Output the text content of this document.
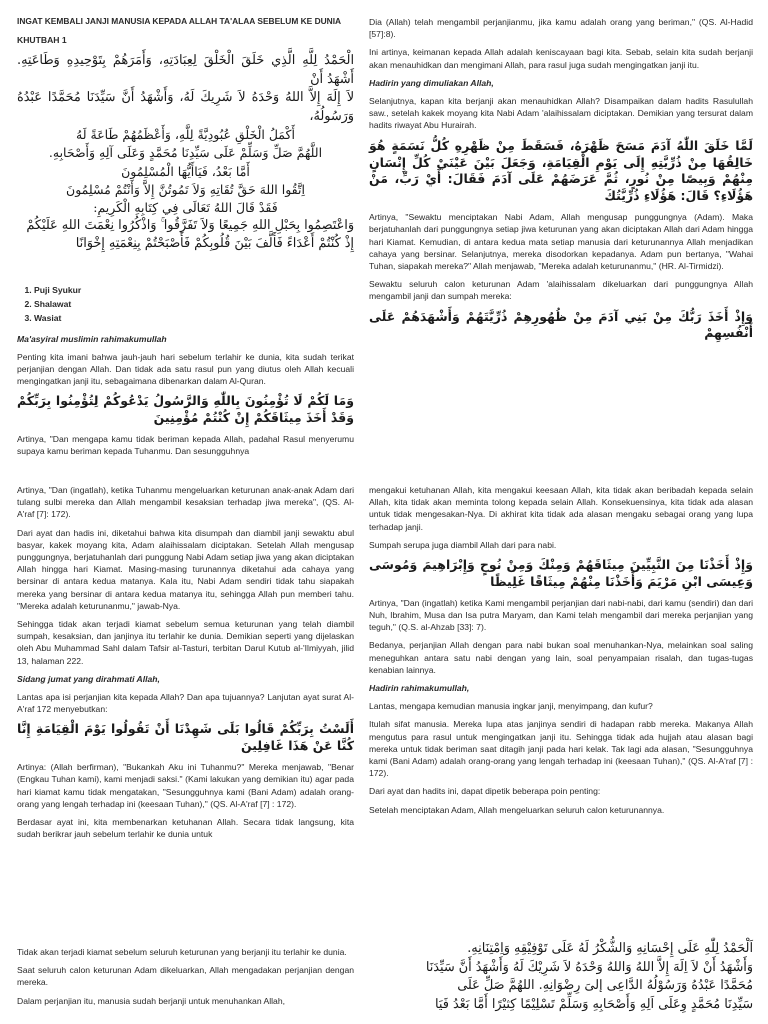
INGAT KEMBALI JANJI MANUSIA KEPADA ALLAH TA'ALAA SEBELUM KE DUNIA

KHUTBAH 1

الْحَمْدُ لِلَّهِ الَّذِي خَلَقَ الْخَلْقَ لِعِبَادَتِهِ، وَأَمَرَهُمْ بِتَوْحِيدِهِ وَطَاعَتِهِ. أَشْهَدُ أَنْ

لاَ إِلَهَ إِلاَّ اللهُ وَحْدَهُ لاَ شَرِيكَ لَهُ، وَأَشْهَدُ أَنَّ سَيِّدَنَا مُحَمَّدًا عَبْدُهُ وَرَسُولُهُ،

أَكْمَلُ الْخَلْقِ عُبُودِيَّةً لِلَّهِ، وَأَعْظَمُهُمْ طَاعَةً لَهُ

اللَّهُمَّ صَلِّ وَسَلِّمْ عَلَى سَيِّدِنَا مُحَمَّدٍ وَعَلَى آلِهِ وَأَصْحَابِهِ.

أَمَّا بَعْدُ، فَيَاأَيُّهَا الْمُسْلِمُونَ

اِتَّقُوا اللهَ حَقَّ تُقَاتِهِ وَلاَ تَمُوتُنَّ إِلاَّ وَأَنْتُمْ مُسْلِمُونَ

فَقَدْ قَالَ اللهُ تَعَالَى فِي كِتَابِهِ الْكَرِيمِ:

وَاعْتَصِمُوا بِحَبْلِ اللهِ جَمِيعًا وَلاَ تَفَرَّقُوا ۚ وَاذْكُرُوا نِعْمَتَ اللهِ عَلَيْكُمْ

إِذْ كُنْتُمْ أَعْدَاءً فَأَلَّفَ بَيْنَ قُلُوبِكُمْ فَأَصْبَحْتُمْ بِنِعْمَتِهِ إِخْوَانًا

1. Puji Syukur
2. Shalawat
3. Wasiat

Ma'asyiral muslimin rahimakumullah

Penting kita imani bahwa jauh-jauh hari sebelum terlahir ke dunia, kita sudah terikat perjanjian dengan Allah. Dan tidak ada satu rasul pun yang diutus oleh Allah kecuali mengingatkan janji itu, sebagaimana dibenarkan dalam Al-Quran.

وَمَا لَكُمْ لَا تُؤْمِنُونَ بِاللّٰهِ وَالرَّسُولُ يَدْعُوكُمْ لِتُؤْمِنُوا بِرَبِّكُمْ وَقَدْ أَخَذَ مِيثَاقَكُمْ إِنْ كُنْتُمْ مُؤْمِنِينَ

Artinya, "Dan mengapa kamu tidak beriman kepada Allah, padahal Rasul menyerumu supaya kamu beriman kepada Tuhanmu. Dan sesungguhnya

Dia (Allah) telah mengambil perjanjianmu, jika kamu adalah orang yang beriman," (QS. Al-Hadid [57]:8).

Ini artinya, keimanan kepada Allah adalah keniscayaan bagi kita. Sebab, selain kita sudah berjanji akan menauhidkan dan mengimani Allah, para rasul juga sudah mengingatkan janji itu.

Hadirin yang dimuliakan Allah,

Selanjutnya, kapan kita berjanji akan menauhidkan Allah? Disampaikan dalam hadits Rasulullah saw., setelah kakek moyang kita Nabi Adam 'alaihissalam diciptakan. Demikian yang tersurat dalam hadits riwayat Abu Hurairah.

لَمَّا خَلَقَ اللّٰهُ آدَمَ مَسَحَ ظَهْرَهُ، فَسَقَطَ مِنْ ظَهْرِهِ كُلُّ نَسَمَةٍ هُوَ خَالِقُهَا مِنْ ذُرِّيَّتِهِ إِلَى يَوْمِ الْقِيَامَةِ، وَجَعَلَ بَيْنَ عَيْنَيْ كُلِّ إِنْسَانٍ مِنْهُمْ وَبِيصًا مِنْ نُورٍ، ثُمَّ عَرَضَهُمْ عَلَى آدَمَ فَقَالَ: أَيْ رَبِّ، مَنْ هَؤُلَاءِ؟ قَالَ: هَؤُلَاءِ ذُرِّيَّتُكَ

Artinya, "Sewaktu menciptakan Nabi Adam, Allah mengusap punggungnya (Adam). Maka berjatuhanlah dari punggungnya setiap jiwa keturunan yang akan diciptakan Allah dari Adam hingga hari Kiamat. Kemudian, di antara kedua mata setiap manusia dari keturunannya Allah menjadikan cahaya yang bersinar. Selanjutnya, mereka disodorkan kepadanya. Adam pun bertanya, "Wahai Tuhan, siapakah mereka?" Allah menjawab, "Mereka adalah keturunanmu," (HR. Al-Tirmidzi).

Sewaktu seluruh calon keturunan Adam 'alaihissalam dikeluarkan dari punggungnya Allah mengambil janji dan sumpah mereka:

وَإِذْ أَخَذَ رَبُّكَ مِنْ بَنِي آدَمَ مِنْ ظُهُورِهِمْ ذُرِّيَّتَهُمْ وَأَشْهَدَهُمْ عَلَى أَنْفُسِهِمْ

Artinya, "Dan (ingatlah), ketika Tuhanmu mengeluarkan keturunan anak-anak Adam dari tulang sulbi mereka dan Allah mengambil kesaksian terhadap jiwa mereka", (QS. Al-A'raf [7]: 172).

Dari ayat dan hadis ini, diketahui bahwa kita disumpah dan diambil janji sewaktu abul basyar, kakek moyang kita, Adam alaihissalam diciptakan. Setelah Allah mengusap punggungnya, berjatuhanlah dari punggung Nabi Adam setiap jiwa yang akan diciptakan Allah hingga hari Kiamat. Masing-masing turunannya diketahui ada cahaya yang bersinar di antara kedua matanya. Kala itu, Nabi Adam sendiri tidak tahu siapakah mereka yang bersinar di antara kedua matanya itu, sehingga Allah pun memberi tahu. "Mereka adalah keturunanmu," jawab-Nya.

Sehingga tidak akan terjadi kiamat sebelum semua keturunan yang telah diambil sumpah, kesaksian, dan janjinya itu terlahir ke dunia. Demikian seperti yang dijelaskan oleh Abu Muhammad Sahl dalam Tafsir al-Tasturi, terbitan Darul Kutub al-'Ilmiyyah, jilid 13, halaman 222.

Sidang jumat yang dirahmati Allah,

Lantas apa isi perjanjian kita kepada Allah? Dan apa tujuannya? Lanjutan ayat surat Al-A'raf 172 menyebutkan:

أَلَسْتُ بِرَبِّكُمْ قَالُوا بَلَى شَهِدْنَا أَنْ تَقُولُوا يَوْمَ الْقِيَامَةِ إِنَّا كُنَّا عَنْ هَذَا غَافِلِينَ

Artinya: (Allah berfirman), "Bukankah Aku ini Tuhanmu?" Mereka menjawab, "Benar (Engkau Tuhan kami), kami menjadi saksi." (Kami lakukan yang demikian itu) agar pada hari kiamat kamu tidak mengatakan, "Sesungguhnya kami (Bani Adam) adalah orang-orang yang lengah terhadap ini (keesaan Tuhan)," (QS. Al-A'raf [7] : 172).

Berdasar ayat ini, kita membenarkan ketuhanan Allah. Secara tidak langsung, kita sudah berikrar jauh sebelum terlahir ke dunia untuk

mengakui ketuhanan Allah, kita mengakui keesaan Allah, kita tidak akan beribadah kepada selain Allah, kita tidak akan meminta tolong kepada selain Allah. Konsekuensinya, kita tidak ada alasan untuk tidak mengesakan-Nya. Di akhirat kita tidak ada alasan mengaku sebagai orang yang lupa terhadap janji.

Sumpah serupa juga diambil Allah dari para nabi.

وَإِذْ أَخَذْنَا مِنَ النَّبِيِّينَ مِيثَاقَهُمْ وَمِنْكَ وَمِنْ نُوحٍ وَإِبْرَاهِيمَ وَمُوسَى وَعِيسَى ابْنِ مَرْيَمَ وَأَخَذْنَا مِنْهُمْ مِيثَاقًا غَلِيظًا

Artinya, "Dan (ingatlah) ketika Kami mengambil perjanjian dari nabi-nabi, dari kamu (sendiri) dan dari Nuh, Ibrahim, Musa dan Isa putra Maryam, dan Kami telah mengambil dari mereka perjanjian yang teguh," (Q.S. al-Ahzab [33]: 7).

Bedanya, perjanjian Allah dengan para nabi bukan soal menuhankan-Nya, melainkan soal saling meneguhkan antara satu nabi dengan yang lain, soal penyampaian risalah, dan tugas-tugas kenabian lainnya.

Hadirin rahimakumullah,

Lantas, mengapa kemudian manusia ingkar janji, menyimpang, dan kufur?

Itulah sifat manusia. Mereka lupa atas janjinya sendiri di hadapan rabb mereka. Makanya Allah mengutus para rasul untuk mengingatkan janji itu. Sehingga tidak ada hujjah atau alasan bagi mereka untuk tidak beriman saat ditagih janji pada hari kelak. Tak lagi ada alasan, "Sesungguhnya kami (Bani Adam) adalah orang-orang yang lengah terhadap ini (keesaan Tuhan)," (QS. Al-A'raf [7] : 172).

Dari ayat dan hadits ini, dapat dipetik beberapa poin penting:

Setelah menciptakan Adam, Allah mengeluarkan seluruh calon keturunannya.

Tidak akan terjadi kiamat sebelum seluruh keturunan yang berjanji itu terlahir ke dunia.

Saat seluruh calon keturunan Adam dikeluarkan, Allah mengadakan perjanjian dengan mereka.

Dalam perjanjian itu, manusia sudah berjanji untuk menuhankan Allah,

اَلْحَمْدُ لِلّٰهِ عَلَى إِحْسَانِهِ وَالشُّكْرُ لَهُ عَلَى تَوْفِيْقِهِ وَاِمْتِنَانِهِ.

وَأَشْهَدُ أَنْ لاَ اِلَهَ إِلاَّ اللهُ وَاللهُ وَحْدَهُ لاَ شَرِيْكَ لَهُ وَأَشْهَدُ أَنَّ سَيِّدَنَا

مُحَمَّدًا عَبْدُهُ وَرَسُوْلُهُ الدَّاعِى إلىَ رِضْوَانِهِ. اللهُمَّ صَلِّ عَلَى

سَيِّدِنَا مُحَمَّدٍ وِعَلَى اَلِهِ وَأَصْحَابِهِ وَسَلِّمْ تَسْلِيْمًا كِثيْرًا أَمَّا بَعْدُ فَيَا
